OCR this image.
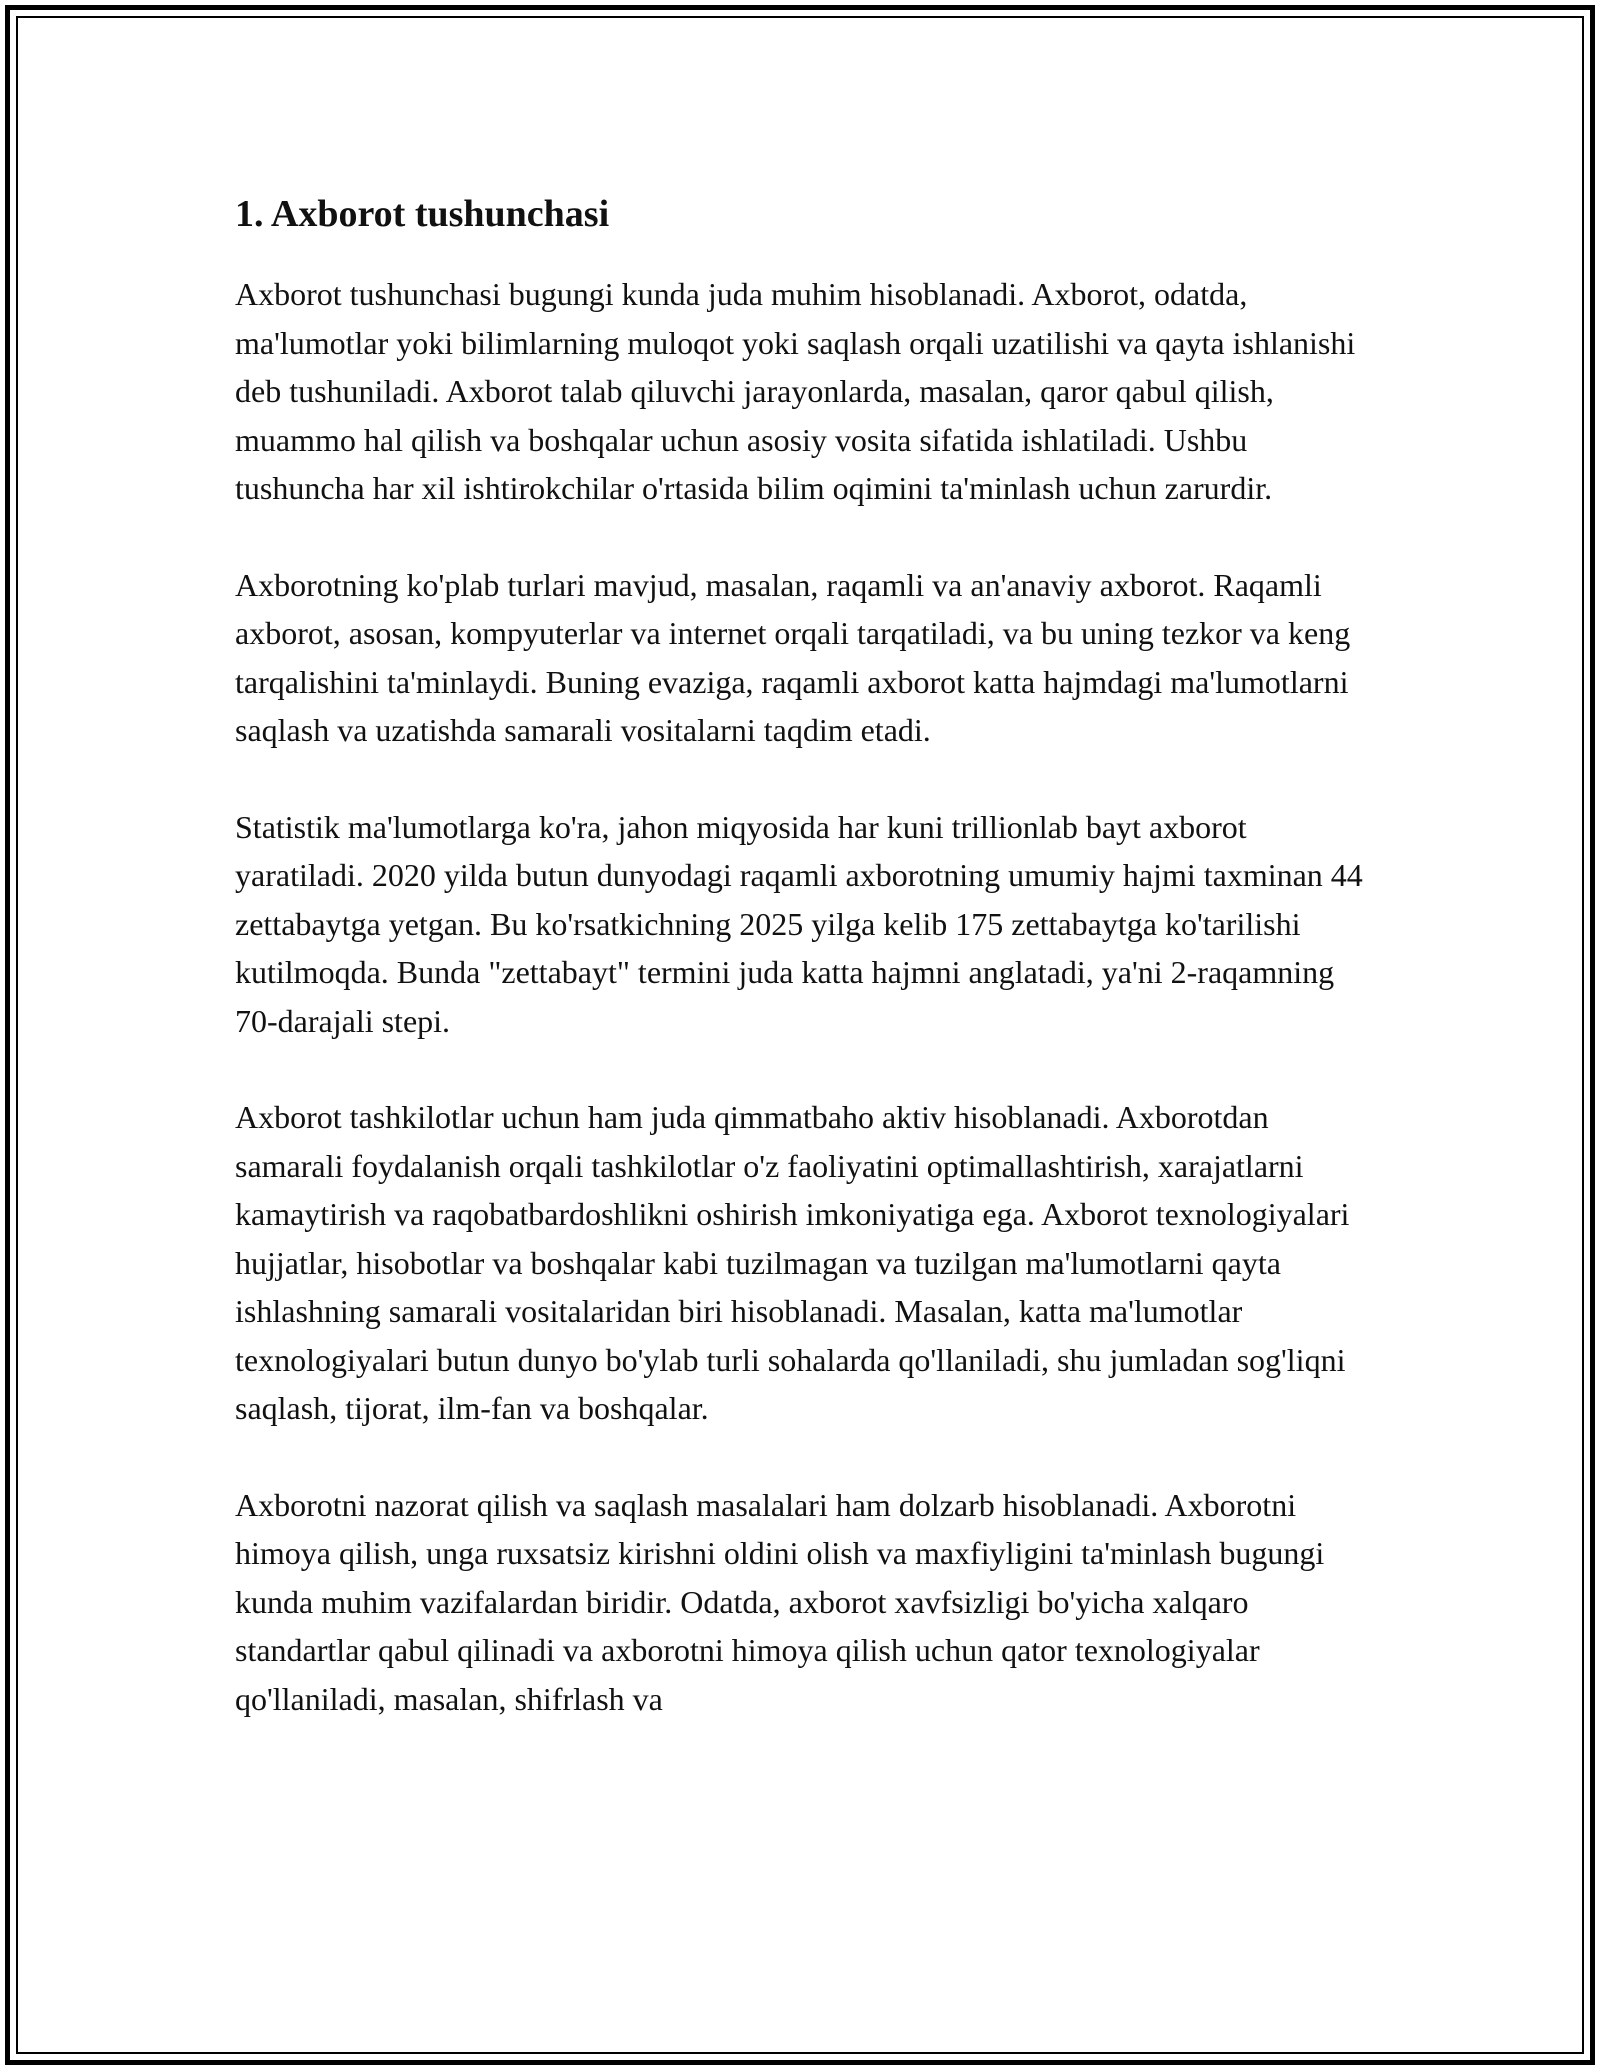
1. Axborot tushunchasi

Axborot tushunchasi bugungi kunda juda muhim hisoblanadi. Axborot, odatda, ma'lumotlar yoki bilimlarning muloqot yoki saqlash orqali uzatilishi va qayta ishlanishi deb tushuniladi. Axborot talab qiluvchi jarayonlarda, masalan, qaror qabul qilish, muammo hal qilish va boshqalar uchun asosiy vosita sifatida ishlatiladi. Ushbu tushuncha har xil ishtirokchilar o'rtasida bilim oqimini ta'minlash uchun zarurdir.

Axborotning ko'plab turlari mavjud, masalan, raqamli va an'anaviy axborot. Raqamli axborot, asosan, kompyuterlar va internet orqali tarqatiladi, va bu uning tezkor va keng tarqalishini ta'minlaydi. Buning evaziga, raqamli axborot katta hajmdagi ma'lumotlarni saqlash va uzatishda samarali vositalarni taqdim etadi.

Statistik ma'lumotlarga ko'ra, jahon miqyosida har kuni trillionlab bayt axborot yaratiladi. 2020 yilda butun dunyodagi raqamli axborotning umumiy hajmi taxminan 44 zettabaytga yetgan. Bu ko'rsatkichning 2025 yilga kelib 175 zettabaytga ko'tarilishi kutilmoqda. Bunda "zettabayt" termini juda katta hajmni anglatadi, ya'ni 2-raqamning 70-darajali stepi.

Axborot tashkilotlar uchun ham juda qimmatbaho aktiv hisoblanadi. Axborotdan samarali foydalanish orqali tashkilotlar o'z faoliyatini optimallashtirish, xarajatlarni kamaytirish va raqobatbardoshlikni oshirish imkoniyatiga ega. Axborot texnologiyalari hujjatlar, hisobotlar va boshqalar kabi tuzilmagan va tuzilgan ma'lumotlarni qayta ishlashning samarali vositalaridan biri hisoblanadi. Masalan, katta ma'lumotlar texnologiyalari butun dunyo bo'ylab turli sohalarda qo'llaniladi, shu jumladan sog'liqni saqlash, tijorat, ilm-fan va boshqalar.

Axborotni nazorat qilish va saqlash masalalari ham dolzarb hisoblanadi. Axborotni himoya qilish, unga ruxsatsiz kirishni oldini olish va maxfiyligini ta'minlash bugungi kunda muhim vazifalardan biridir. Odatda, axborot xavfsizligi bo'yicha xalqaro standartlar qabul qilinadi va axborotni himoya qilish uchun qator texnologiyalar qo'llaniladi, masalan, shifrlash va
